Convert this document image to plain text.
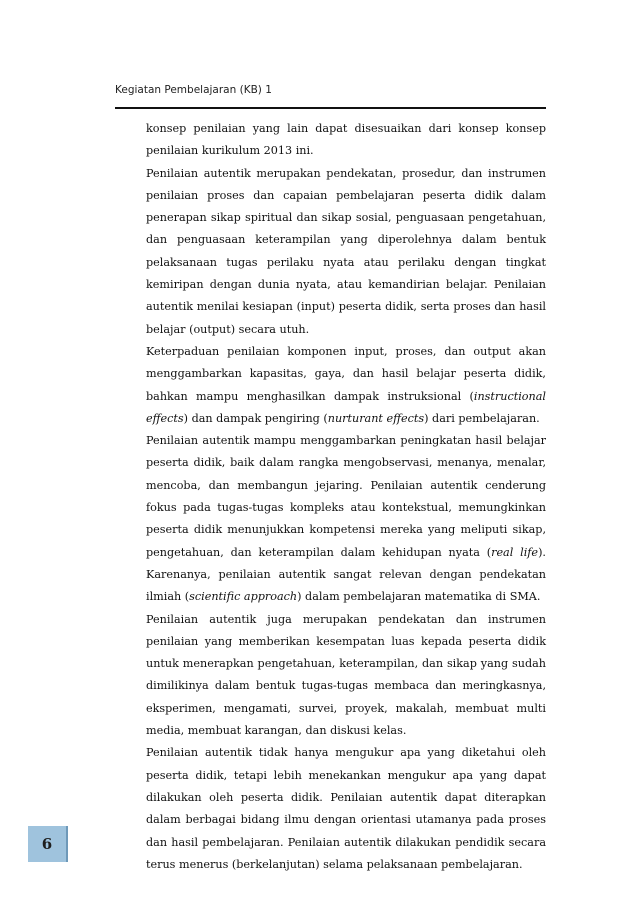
Kegiatan Pembelajaran (KB) 1

konsep penilaian yang lain dapat disesuaikan dari konsep konsep penilaian kurikulum 2013 ini.

Penilaian autentik merupakan pendekatan, prosedur, dan instrumen penilaian proses dan capaian pembelajaran peserta didik dalam penerapan sikap spiritual dan sikap sosial, penguasaan pengetahuan, dan penguasaan keterampilan yang diperolehnya dalam bentuk pelaksanaan tugas perilaku nyata atau perilaku dengan tingkat kemiripan dengan dunia nyata, atau kemandirian belajar. Penilaian autentik menilai kesiapan (input) peserta didik, serta proses dan hasil belajar (output) secara utuh.

Keterpaduan penilaian komponen input, proses, dan output akan menggambarkan kapasitas, gaya, dan hasil belajar peserta didik, bahkan mampu menghasilkan dampak instruksional (instructional effects) dan dampak pengiring (nurturant effects) dari pembelajaran.

Penilaian autentik mampu menggambarkan peningkatan hasil belajar peserta didik, baik dalam rangka mengobservasi, menanya, menalar, mencoba, dan membangun jejaring. Penilaian autentik cenderung fokus pada tugas-tugas kompleks atau kontekstual, memungkinkan peserta didik menunjukkan kompetensi mereka yang meliputi sikap, pengetahuan, dan keterampilan dalam kehidupan nyata (real life). Karenanya, penilaian autentik sangat relevan dengan pendekatan ilmiah (scientific approach) dalam pembelajaran matematika di SMA.

Penilaian autentik juga merupakan pendekatan dan instrumen penilaian yang memberikan kesempatan luas kepada peserta didik untuk menerapkan pengetahuan, keterampilan, dan sikap yang sudah dimilikinya dalam bentuk tugas-tugas membaca dan meringkasnya, eksperimen, mengamati, survei, proyek, makalah, membuat multi media, membuat karangan, dan diskusi kelas.

Penilaian autentik tidak hanya mengukur apa yang diketahui oleh peserta didik, tetapi lebih menekankan mengukur apa yang dapat dilakukan oleh peserta didik. Penilaian autentik dapat diterapkan dalam berbagai bidang ilmu dengan orientasi utamanya pada proses dan hasil pembelajaran. Penilaian autentik dilakukan pendidik secara terus menerus (berkelanjutan) selama pelaksanaan pembelajaran.

6
